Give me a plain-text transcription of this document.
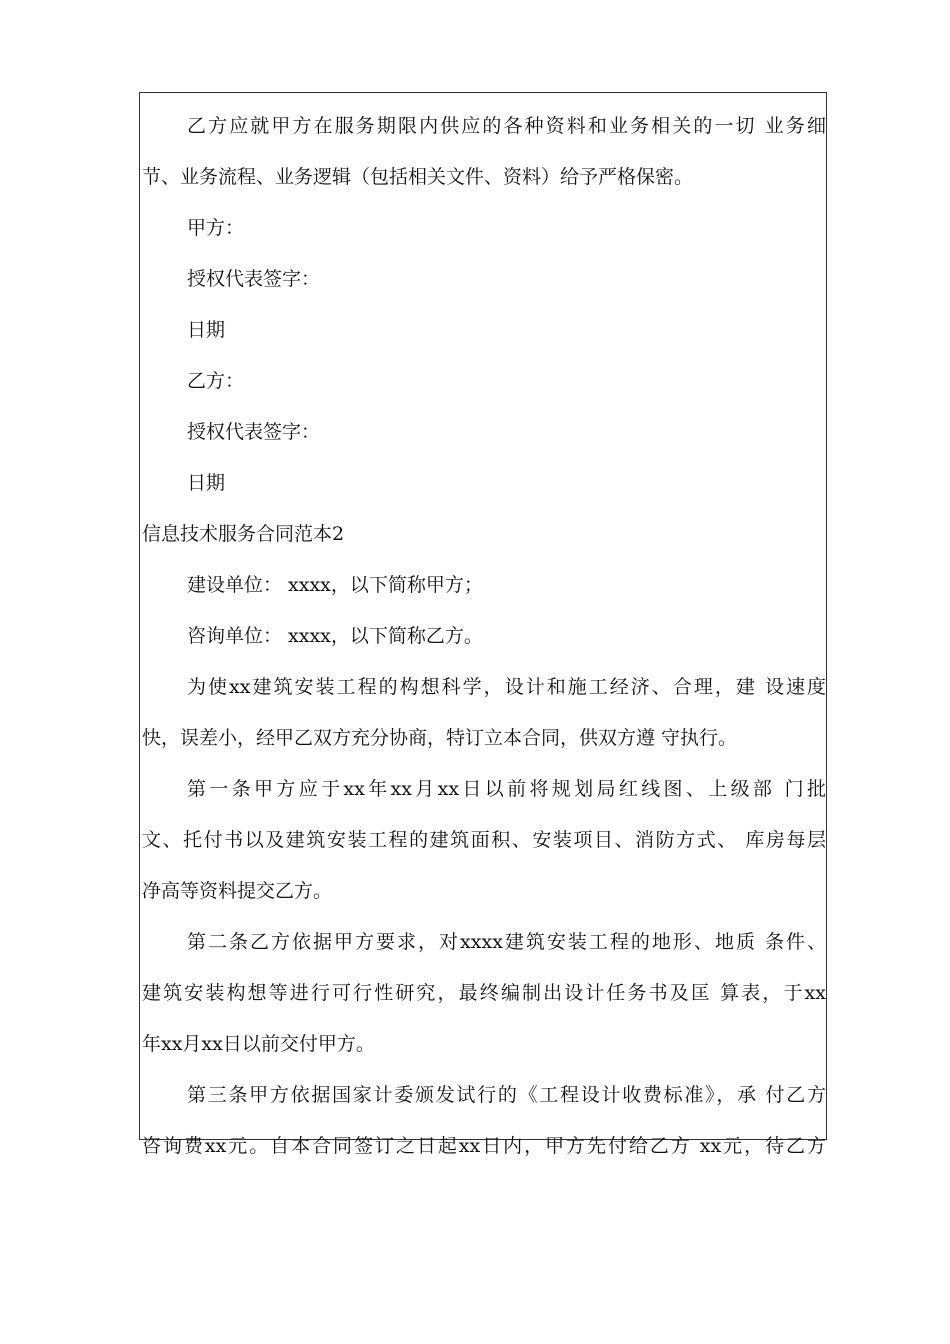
乙方应就甲方在服务期限内供应的各种资料和业务相关的一切 业务细
节、业务流程、业务逻辑（包括相关文件、资料）给予严格保密。
甲方：
授权代表签字：
日期
乙方：
授权代表签字：
日期
信息技术服务合同范本2
建设单位： xxxx，以下简称甲方；
咨询单位： xxxx，以下简称乙方。
为使xx建筑安装工程的构想科学，设计和施工经济、合理，建 设速度
快，误差小，经甲乙双方充分协商，特订立本合同，供双方遵 守执行。
第一条甲方应于xx年xx月xx日以前将规划局红线图、上级部 门批
文、托付书以及建筑安装工程的建筑面积、安装项目、消防方式、 库房每层
净高等资料提交乙方。
第二条乙方依据甲方要求，对xxxx建筑安装工程的地形、地质 条件、
建筑安装构想等进行可行性研究，最终编制出设计任务书及匡 算表，于xx
年xx月xx日以前交付甲方。
第三条甲方依据国家计委颁发试行的《工程设计收费标准》，承 付乙方
咨询费xx元。自本合同签订之日起xx日内，甲方先付给乙方 xx元，待乙方
